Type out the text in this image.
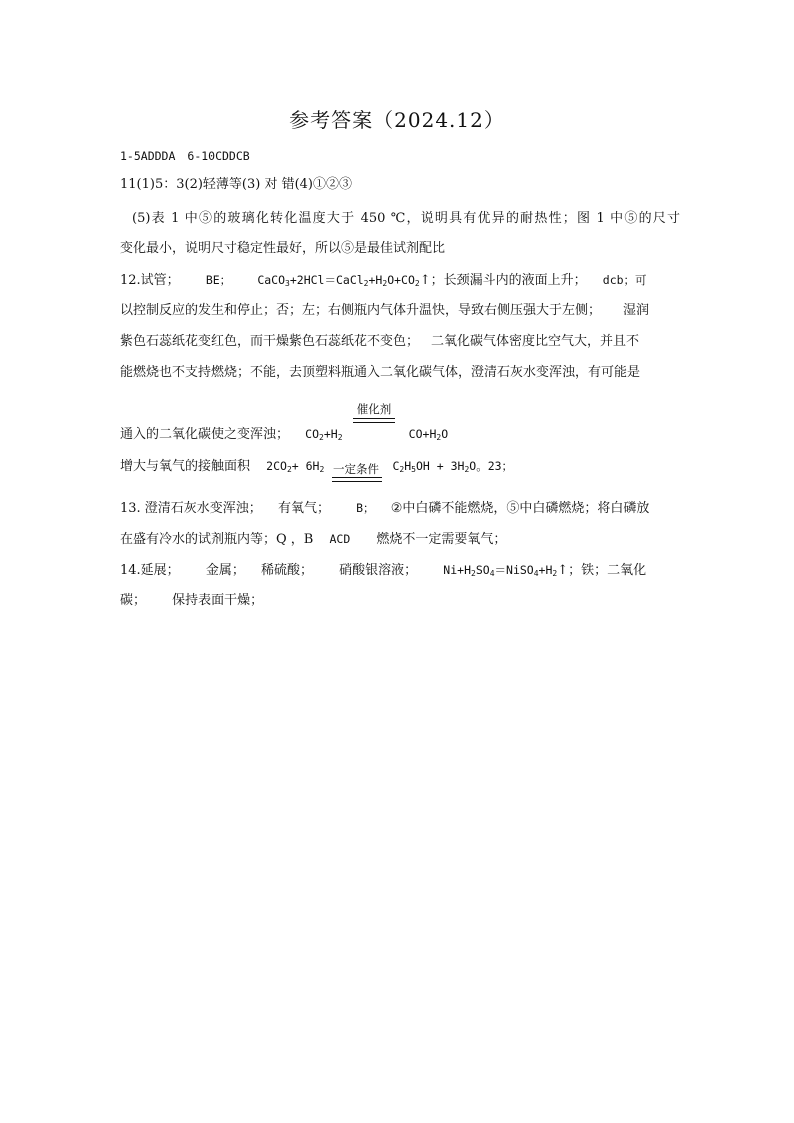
参考答案（2024.12）
1-5ADDDA 6-10CDDCB
11(1)5：3(2)轻薄等(3) 对 错(4)①②③
(5)表 1 中⑤的玻璃化转化温度大于 450 ℃，说明具有优异的耐热性；图 1 中⑤的尺寸
变化最小，说明尺寸稳定性最好，所以⑤是最佳试剂配比
12.试管； BE； $CaCO_3+2HCl=CaCl_2+H_2O+CO_2↑$；长颈漏斗内的液面上升； dcb；可
以控制反应的发生和停止；否；左；右侧瓶内气体升温快，导致右侧压强大于左侧； 湿润
紫色石蕊纸花变红色，而干燥紫色石蕊纸花不变色； 二氧化碳气体密度比空气大，并且不
能燃烧也不支持燃烧；不能，去顶塑料瓶通入二氧化碳气体，澄清石灰水变浑浊，有可能是
催化剂
通入的二氧化碳使之变浑浊； $CO_2+H_2$	$CO+H_2O$
增大与氧气的接触面积 $2CO_2+ 6H_2$	$C_2H_5OH + 3H_2O$。23；
一定条件
13. 澄清石灰水变浑浊； 有氧气； B； ②中白磷不能燃烧，⑤中白磷燃烧；将白磷放
在盛有冷水的试剂瓶内等；Q ，B ACD 燃烧不一定需要氧气；
14.延展； 金属； 稀硫酸； 硝酸银溶液； $Ni+H_2SO_4=NiSO_4+H_2↑$；铁；二氧化
碳； 保持表面干燥；
